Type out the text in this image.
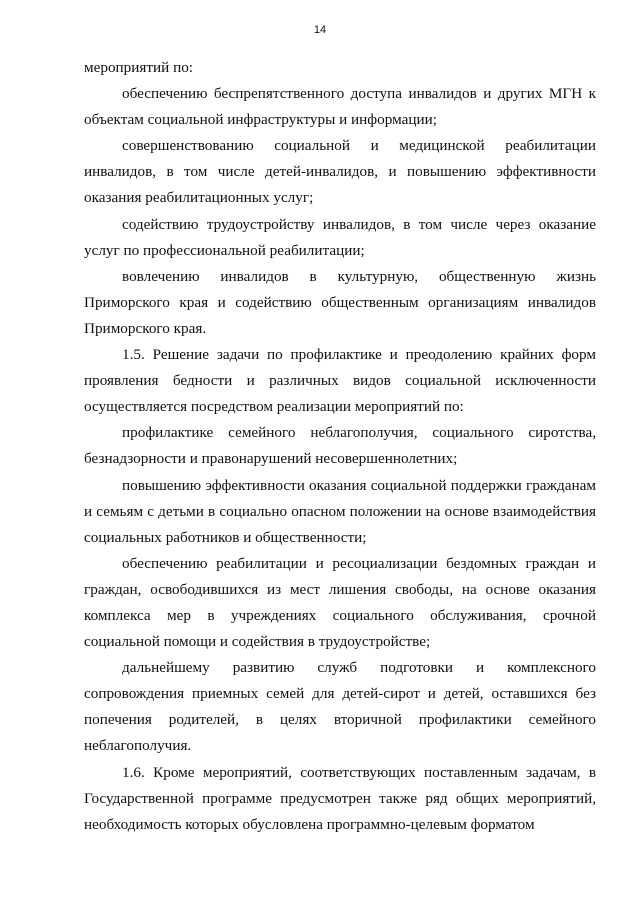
14

мероприятий по:

обеспечению беспрепятственного доступа инвалидов и других МГН к объектам социальной инфраструктуры и информации;

совершенствованию социальной и медицинской реабилитации инвалидов, в том числе детей-инвалидов, и повышению эффективности оказания реабилитационных услуг;

содействию трудоустройству инвалидов, в том числе через оказание услуг по профессиональной реабилитации;

вовлечению инвалидов в культурную, общественную жизнь Приморского края и содействию общественным организациям инвалидов Приморского края.

1.5. Решение задачи по профилактике и преодолению крайних форм проявления бедности и различных видов социальной исключенности осуществляется посредством реализации мероприятий по:

профилактике семейного неблагополучия, социального сиротства, безнадзорности и правонарушений несовершеннолетних;

повышению эффективности оказания социальной поддержки гражданам и семьям с детьми в социально опасном положении на основе взаимодействия социальных работников и общественности;

обеспечению реабилитации и ресоциализации бездомных граждан и граждан, освободившихся из мест лишения свободы, на основе оказания комплекса мер в учреждениях социального обслуживания, срочной социальной помощи и содействия в трудоустройстве;

дальнейшему развитию служб подготовки и комплексного сопровождения приемных семей для детей-сирот и детей, оставшихся без попечения родителей, в целях вторичной профилактики семейного неблагополучия.

1.6. Кроме мероприятий, соответствующих поставленным задачам, в Государственной программе предусмотрен также ряд общих мероприятий, необходимость которых обусловлена программно-целевым форматом
